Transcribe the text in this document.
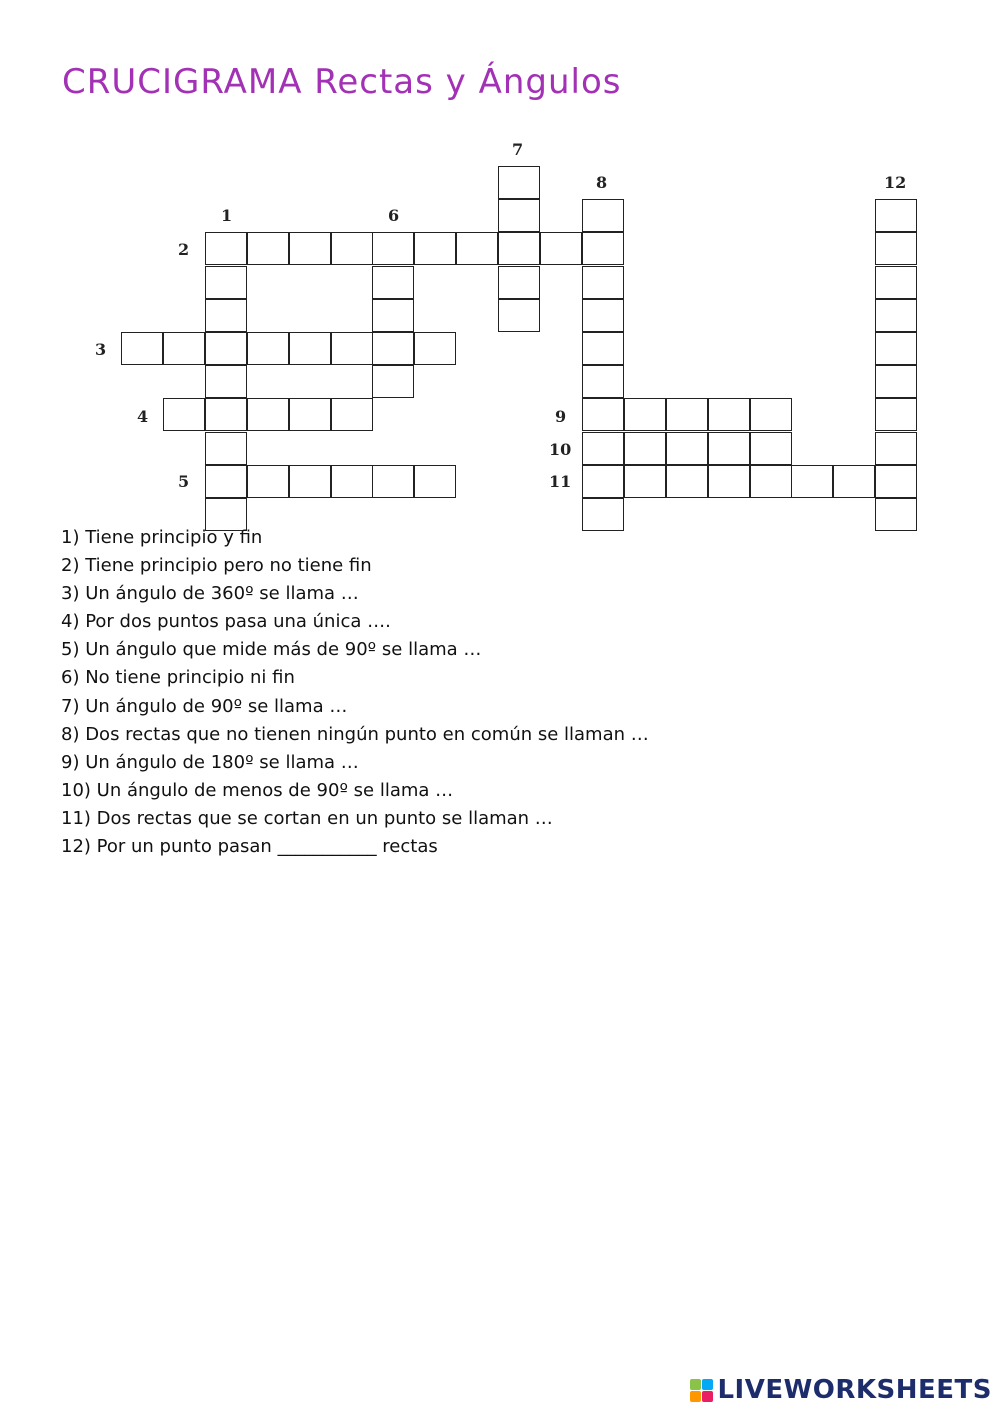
CRUCIGRAMA Rectas y Ángulos
1
2
3
4
5
6
7
8
9
10
11
12
1) Tiene principio y fin
2) Tiene principio pero no tiene fin
3) Un ángulo de 360º se llama …
4) Por dos puntos pasa una única ….
5) Un ángulo que mide más de 90º se llama …
6) No tiene principio ni fin
7) Un ángulo de 90º se llama …
8) Dos rectas que no tienen ningún punto en común se llaman …
9) Un ángulo de 180º se llama …
10) Un ángulo de menos de 90º se llama …
11) Dos rectas que se cortan en un punto se llaman …
12) Por un punto pasan ___________ rectas
LIVEWORKSHEETS
